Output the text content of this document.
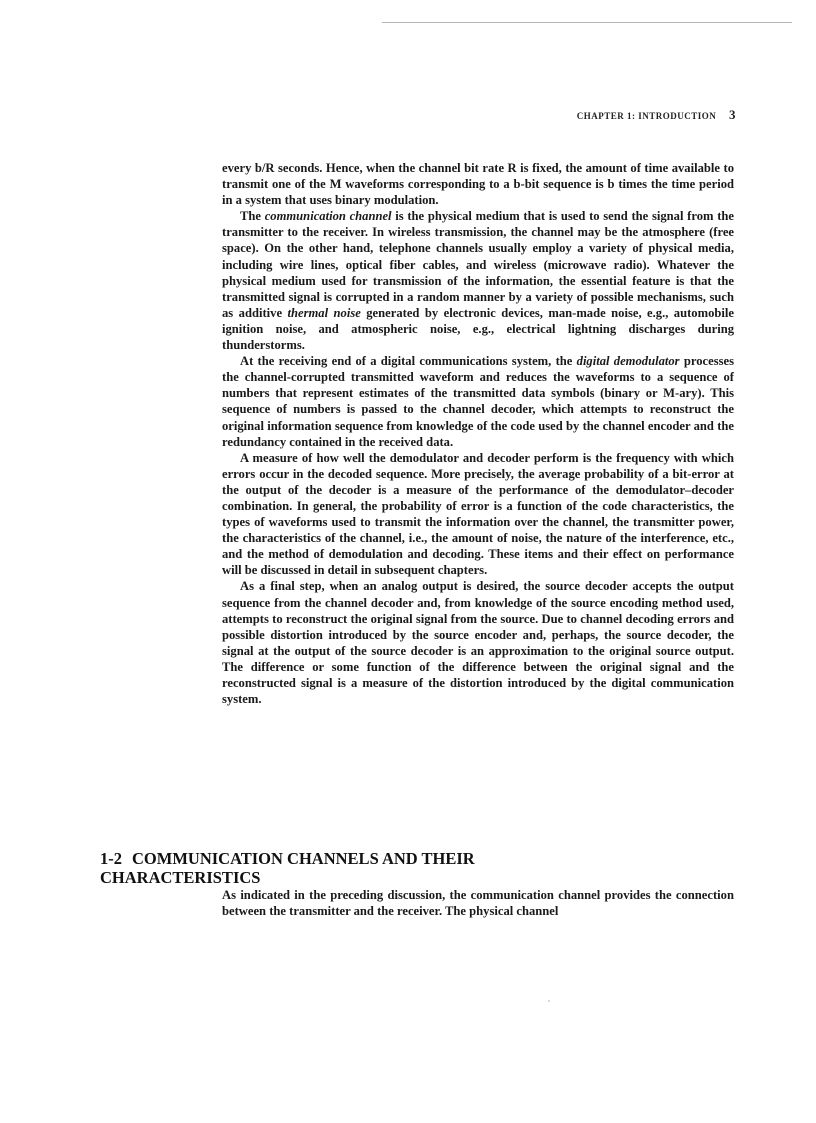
CHAPTER 1: INTRODUCTION 3

every b/R seconds. Hence, when the channel bit rate R is fixed, the amount of time available to transmit one of the M waveforms corresponding to a b-bit sequence is b times the time period in a system that uses binary modulation.

The communication channel is the physical medium that is used to send the signal from the transmitter to the receiver. In wireless transmission, the channel may be the atmosphere (free space). On the other hand, telephone channels usually employ a variety of physical media, including wire lines, optical fiber cables, and wireless (microwave radio). Whatever the physical medium used for transmission of the information, the essential feature is that the transmitted signal is corrupted in a random manner by a variety of possible mechanisms, such as additive thermal noise generated by electronic devices, man-made noise, e.g., automobile ignition noise, and atmospheric noise, e.g., electrical lightning discharges during thunderstorms.

At the receiving end of a digital communications system, the digital demodulator processes the channel-corrupted transmitted waveform and reduces the waveforms to a sequence of numbers that represent estimates of the transmitted data symbols (binary or M-ary). This sequence of numbers is passed to the channel decoder, which attempts to reconstruct the original information sequence from knowledge of the code used by the channel encoder and the redundancy contained in the received data.

A measure of how well the demodulator and decoder perform is the frequency with which errors occur in the decoded sequence. More precisely, the average probability of a bit-error at the output of the decoder is a measure of the performance of the demodulator–decoder combination. In general, the probability of error is a function of the code characteristics, the types of waveforms used to transmit the information over the channel, the transmitter power, the characteristics of the channel, i.e., the amount of noise, the nature of the interference, etc., and the method of demodulation and decoding. These items and their effect on performance will be discussed in detail in subsequent chapters.

As a final step, when an analog output is desired, the source decoder accepts the output sequence from the channel decoder and, from knowledge of the source encoding method used, attempts to reconstruct the original signal from the source. Due to channel decoding errors and possible distortion introduced by the source encoder and, perhaps, the source decoder, the signal at the output of the source decoder is an approximation to the original source output. The difference or some function of the difference between the original signal and the reconstructed signal is a measure of the distortion introduced by the digital communication system.

1-2 COMMUNICATION CHANNELS AND THEIR CHARACTERISTICS

As indicated in the preceding discussion, the communication channel provides the connection between the transmitter and the receiver. The physical channel
